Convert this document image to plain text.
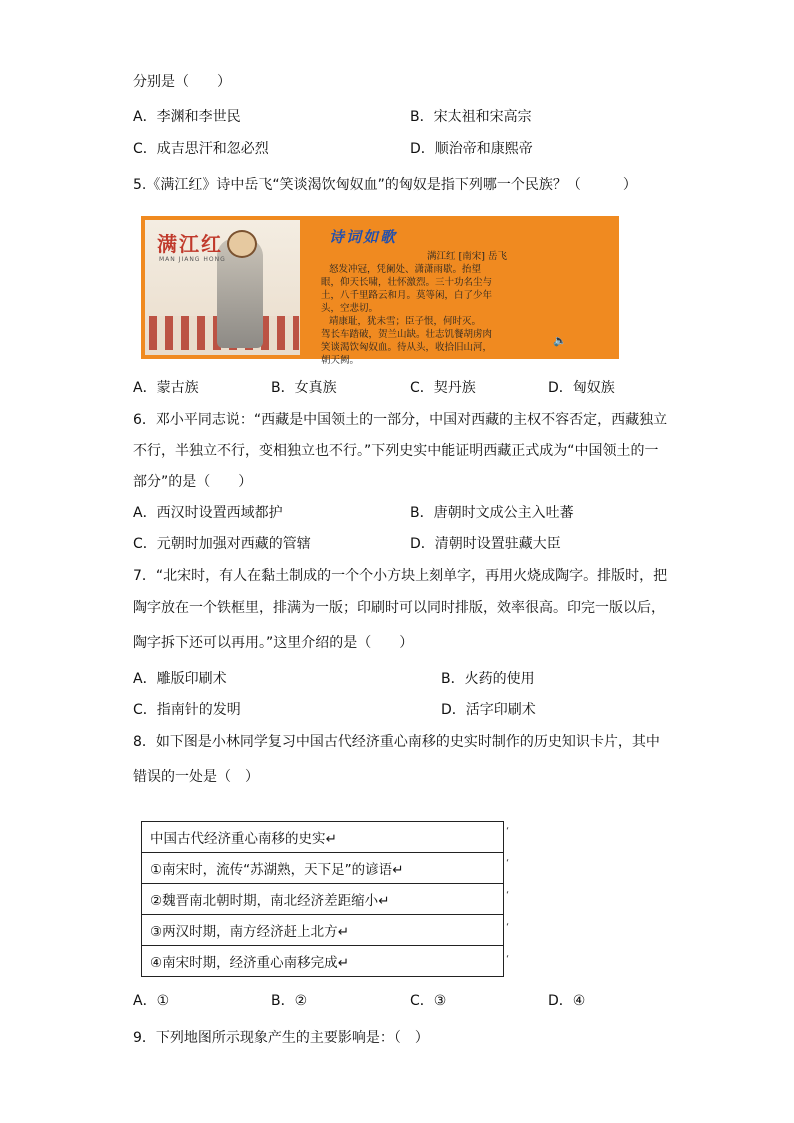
分别是（　　）
A．李渊和李世民	B．宋太祖和宋高宗
C．成吉思汗和忽必烈	D．顺治帝和康熙帝
5.《满江红》诗中岳飞“笑谈渴饮匈奴血”的匈奴是指下列哪一个民族？（　　　）
满江红
MAN JIANG HONG
诗词如歌
满江红 [南宋] 岳飞
怒发冲冠，凭阑处、潇潇雨歇。抬望
眼，仰天长啸，壮怀激烈。三十功名尘与
土，八千里路云和月。莫等闲，白了少年
头，空悲切。
靖康耻，犹未雪；臣子恨，何时灭。
驾长车踏破，贺兰山缺。壮志饥餐胡虏肉
笑谈渴饮匈奴血。待从头，收拾旧山河，
朝天阙。
🔈
A．蒙古族	B．女真族	C．契丹族	D．匈奴族
6．邓小平同志说：“西藏是中国领土的一部分，中国对西藏的主权不容否定，西藏独立
不行，半独立不行，变相独立也不行。”下列史实中能证明西藏正式成为“中国领土的一
部分”的是（　　）
A．西汉时设置西域都护	B．唐朝时文成公主入吐蕃
C．元朝时加强对西藏的管辖	D．清朝时设置驻藏大臣
7．“北宋时，有人在黏土制成的一个个小方块上刻单字，再用火烧成陶字。排版时，把
陶字放在一个铁框里，排满为一版；印刷时可以同时排版，效率很高。印完一版以后，
陶字拆下还可以再用。”这里介绍的是（　　）
A．雕版印刷术	B．火药的使用
C．指南针的发明	D．活字印刷术
8．如下图是小林同学复习中国古代经济重心南移的史实时制作的历史知识卡片，其中
错误的一处是（　）
中国古代经济重心南移的史实↵
①南宋时，流传“苏湖熟，天下足”的谚语↵
②魏晋南北朝时期，南北经济差距缩小↵
③两汉时期，南方经济赶上北方↵
④南宋时期，经济重心南移完成↵
‘
‘
‘
‘
‘
A．①	B．②	C．③	D．④
9．下列地图所示现象产生的主要影响是：（　）
